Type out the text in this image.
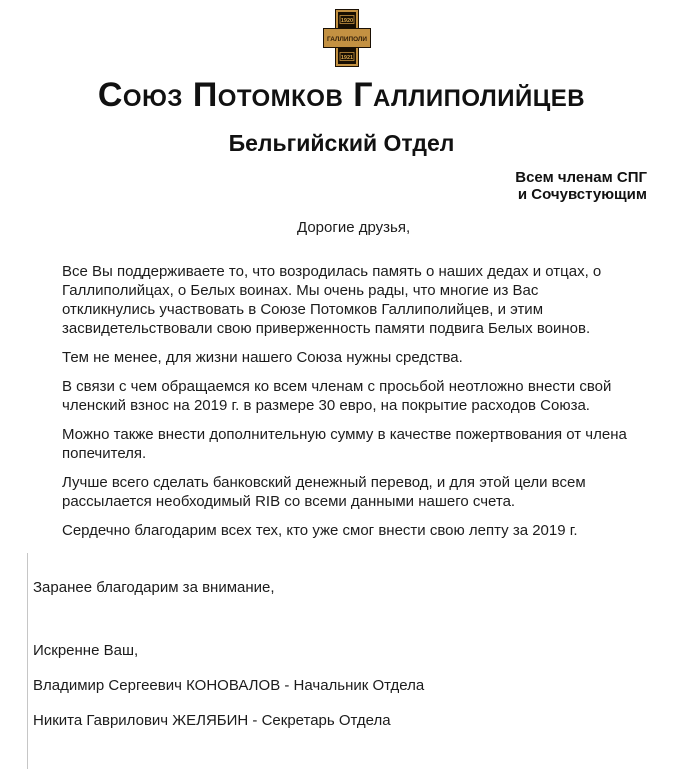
1920
ГАЛЛИПОЛИ
1921
Союз Потомков Галлиполийцев
Бельгийский Отдел
Всем членам СПГ
и Сочувстующим
Дорогие друзья,

Все Вы поддерживаете то, что возродилась память о наших дедах и отцах, о Галлиполийцах, о Белых воинах. Мы очень рады, что многие из Вас откликнулись участвовать в Союзе Потомков Галлиполийцев, и этим засвидетельствовали свою приверженность памяти подвига Белых воинов.

Тем не менее, для жизни нашего Союза нужны средства.

В связи с чем обращаемся ко всем членам с просьбой неотложно внести свой членский взнос на 2019 г. в размере 30 евро, на покрытие расходов Союза.

Можно также внести дополнительную сумму в качестве пожертвования от члена попечителя.

Лучше всего сделать банковский денежный перевод, и для этой цели всем рассылается необходимый RIB со всеми данными нашего счета.

Сердечно благодарим всех тех, кто уже смог внести свою лепту за 2019 г.

Заранее благодарим за внимание,
Искренне Ваш,
Владимир Сергеевич КОНОВАЛОВ - Начальник Отдела
Никита Гаврилович ЖЕЛЯБИН - Секретарь Отдела
